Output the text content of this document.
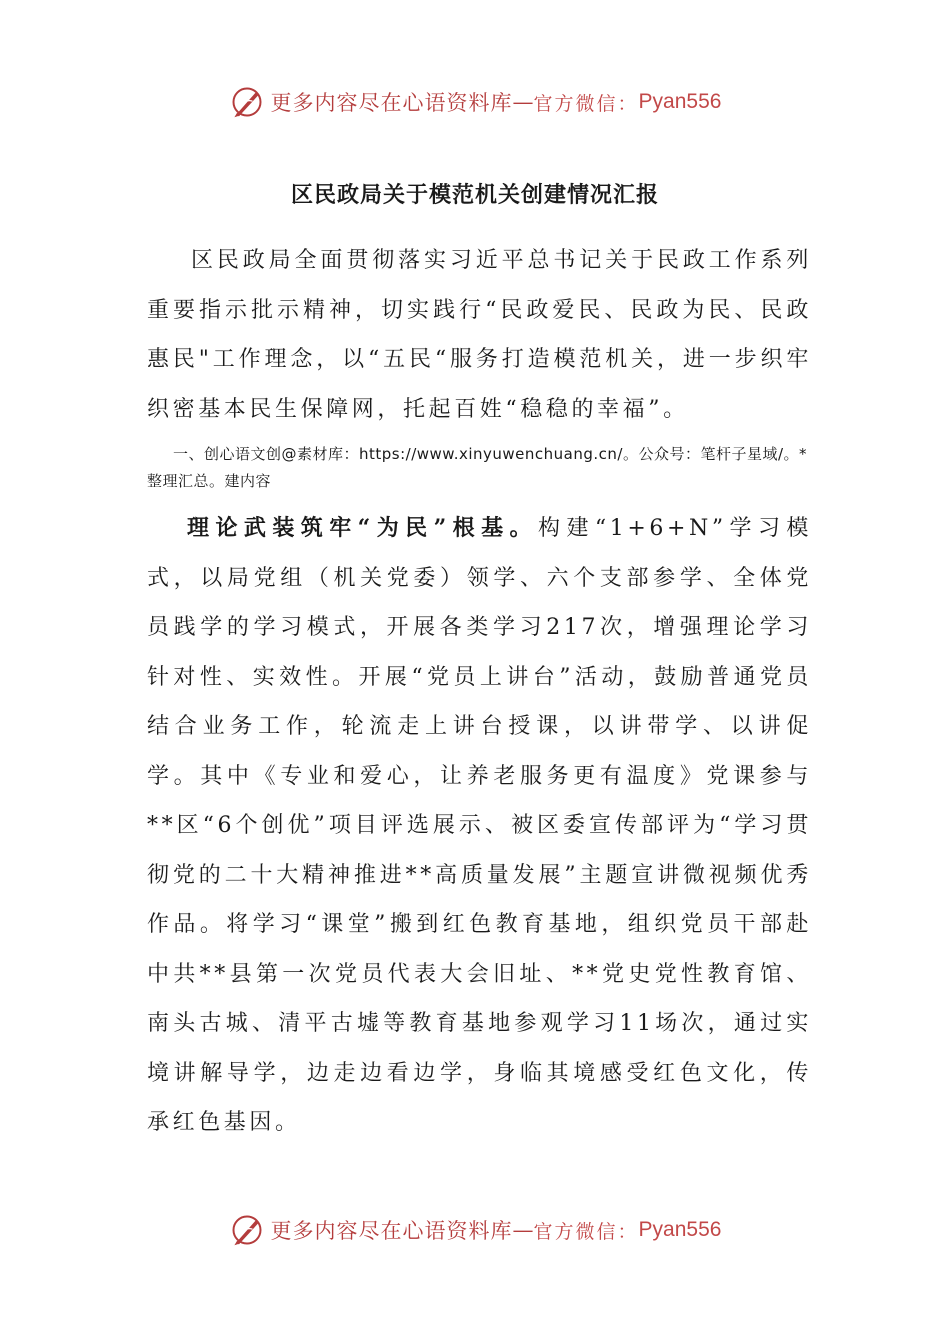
更多内容尽在心语资料库 — 官方微信： Pyan556
区民政局关于模范机关创建情况汇报
区民政局全面贯彻落实习近平总书记关于民政工作系列重要指示批示精神，切实践行“民政爱民、民政为民、民政惠民"工作理念，以“五民“服务打造模范机关，进一步织牢织密基本民生保障网，托起百姓“稳稳的幸福”。
一、创心语文创@素材库：https://www.xinyuwenchuang.cn/。公众号：笔杆子星域/。*整理汇总。建内容
理论武装筑牢“为民”根基。构建“1+6+N”学习模式，以局党组（机关党委）领学、六个支部参学、全体党员践学的学习模式，开展各类学习217次，增强理论学习针对性、实效性。开展“党员上讲台”活动，鼓励普通党员结合业务工作，轮流走上讲台授课，以讲带学、以讲促学。其中《专业和爱心，让养老服务更有温度》党课参与**区“6个创优”项目评选展示、被区委宣传部评为“学习贯彻党的二十大精神推进**高质量发展”主题宣讲微视频优秀作品。将学习“课堂”搬到红色教育基地，组织党员干部赴中共**县第一次党员代表大会旧址、**党史党性教育馆、南头古城、清平古墟等教育基地参观学习11场次，通过实境讲解导学，边走边看边学，身临其境感受红色文化，传承红色基因。
更多内容尽在心语资料库 — 官方微信： Pyan556
